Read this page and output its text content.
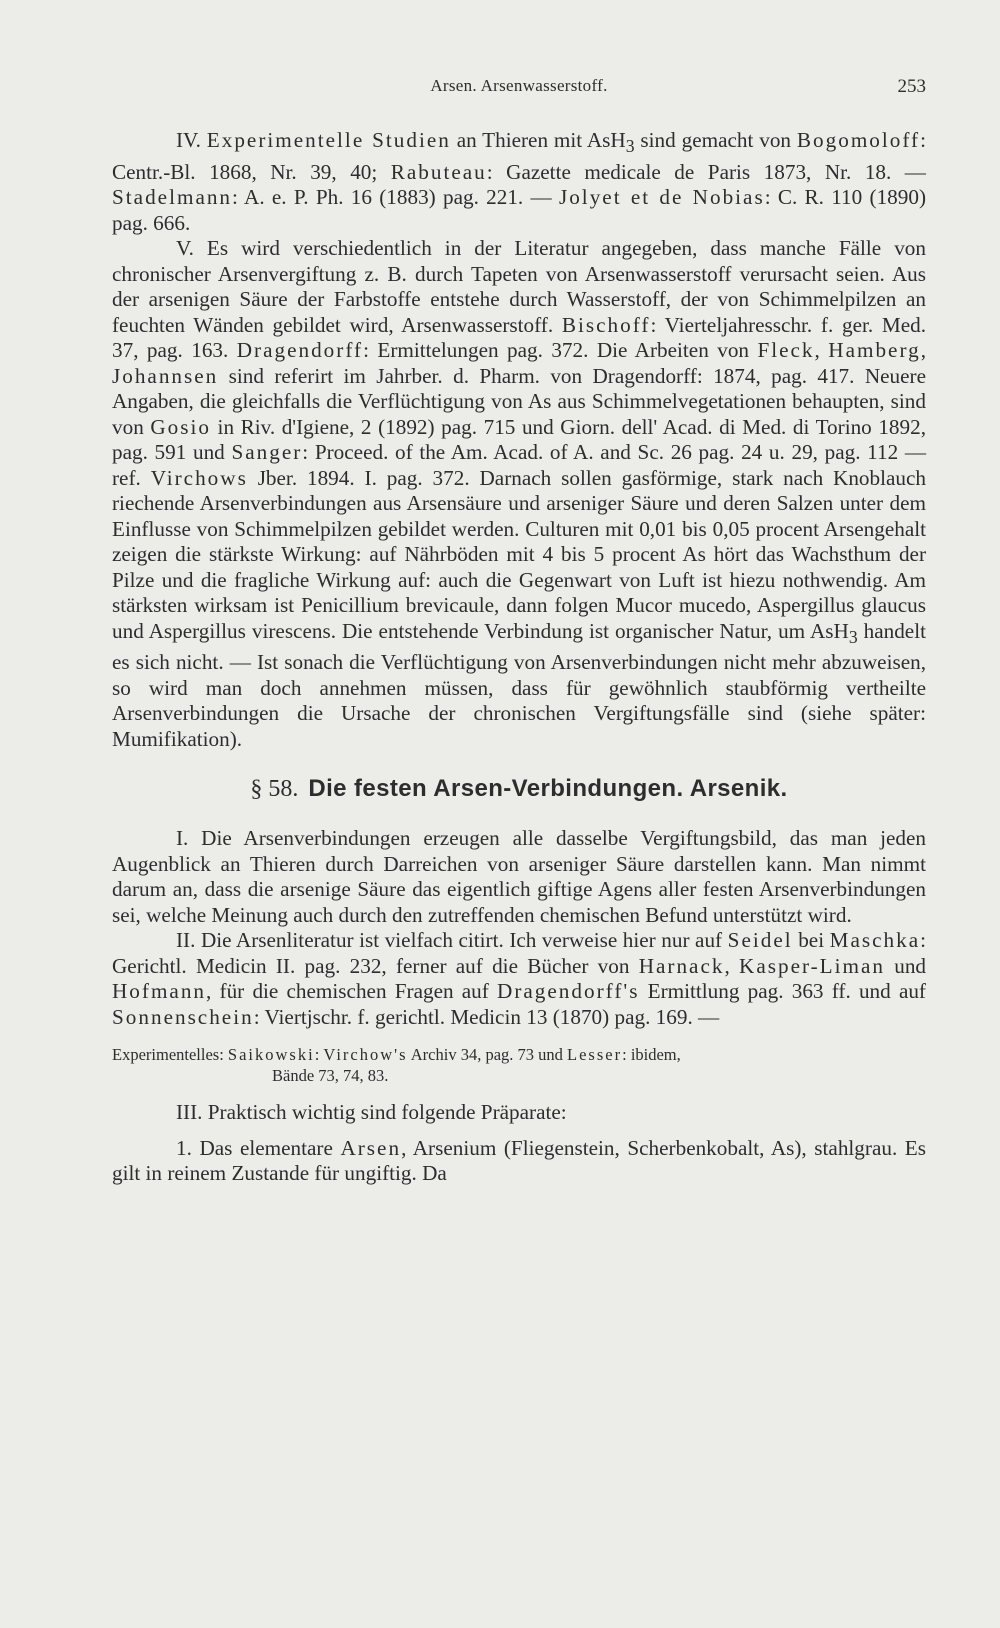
Arsen. Arsenwasserstoff.	253

IV. Experimentelle Studien an Thieren mit AsH$_3$ sind gemacht von Bogomoloff: Centr.-Bl. 1868, Nr. 39, 40; Rabuteau: Gazette medicale de Paris 1873, Nr. 18. — Stadelmann: A. e. P. Ph. 16 (1883) pag. 221. — Jolyet et de Nobias: C. R. 110 (1890) pag. 666.

V. Es wird verschiedentlich in der Literatur angegeben, dass manche Fälle von chronischer Arsenvergiftung z. B. durch Tapeten von Arsenwasserstoff verursacht seien. Aus der arsenigen Säure der Farbstoffe entstehe durch Wasserstoff, der von Schimmelpilzen an feuchten Wänden gebildet wird, Arsenwasserstoff. Bischoff: Vierteljahresschr. f. ger. Med. 37, pag. 163. Dragendorff: Ermittelungen pag. 372. Die Arbeiten von Fleck, Hamberg, Johannsen sind referirt im Jahrber. d. Pharm. von Dragendorff: 1874, pag. 417. Neuere Angaben, die gleichfalls die Verflüchtigung von As aus Schimmelvegetationen behaupten, sind von Gosio in Riv. d'Igiene, 2 (1892) pag. 715 und Giorn. dell' Acad. di Med. di Torino 1892, pag. 591 und Sanger: Proceed. of the Am. Acad. of A. and Sc. 26 pag. 24 u. 29, pag. 112 — ref. Virchows Jber. 1894. I. pag. 372. Darnach sollen gasförmige, stark nach Knoblauch riechende Arsenverbindungen aus Arsensäure und arseniger Säure und deren Salzen unter dem Einflusse von Schimmelpilzen gebildet werden. Culturen mit 0,01 bis 0,05 procent Arsengehalt zeigen die stärkste Wirkung: auf Nährböden mit 4 bis 5 procent As hört das Wachsthum der Pilze und die fragliche Wirkung auf: auch die Gegenwart von Luft ist hiezu nothwendig. Am stärksten wirksam ist Penicillium brevicaule, dann folgen Mucor mucedo, Aspergillus glaucus und Aspergillus virescens. Die entstehende Verbindung ist organischer Natur, um AsH$_3$ handelt es sich nicht. — Ist sonach die Verflüchtigung von Arsenverbindungen nicht mehr abzuweisen, so wird man doch annehmen müssen, dass für gewöhnlich staubförmig vertheilte Arsenverbindungen die Ursache der chronischen Vergiftungsfälle sind (siehe später: Mumifikation).

§ 58. Die festen Arsen-Verbindungen. Arsenik.

I. Die Arsenverbindungen erzeugen alle dasselbe Vergiftungsbild, das man jeden Augenblick an Thieren durch Darreichen von arseniger Säure darstellen kann. Man nimmt darum an, dass die arsenige Säure das eigentlich giftige Agens aller festen Arsenverbindungen sei, welche Meinung auch durch den zutreffenden chemischen Befund unterstützt wird.

II. Die Arsenliteratur ist vielfach citirt. Ich verweise hier nur auf Seidel bei Maschka: Gerichtl. Medicin II. pag. 232, ferner auf die Bücher von Harnack, Kasper-Liman und Hofmann, für die chemischen Fragen auf Dragendorff's Ermittlung pag. 363 ff. und auf Sonnenschein: Viertjschr. f. gerichtl. Medicin 13 (1870) pag. 169. —

Experimentelles: Saikowski: Virchow's Archiv 34, pag. 73 und Lesser: ibidem,
Bände 73, 74, 83.

III. Praktisch wichtig sind folgende Präparate:

1. Das elementare Arsen, Arsenium (Fliegenstein, Scherbenkobalt, As), stahlgrau. Es gilt in reinem Zustande für ungiftig. Da
